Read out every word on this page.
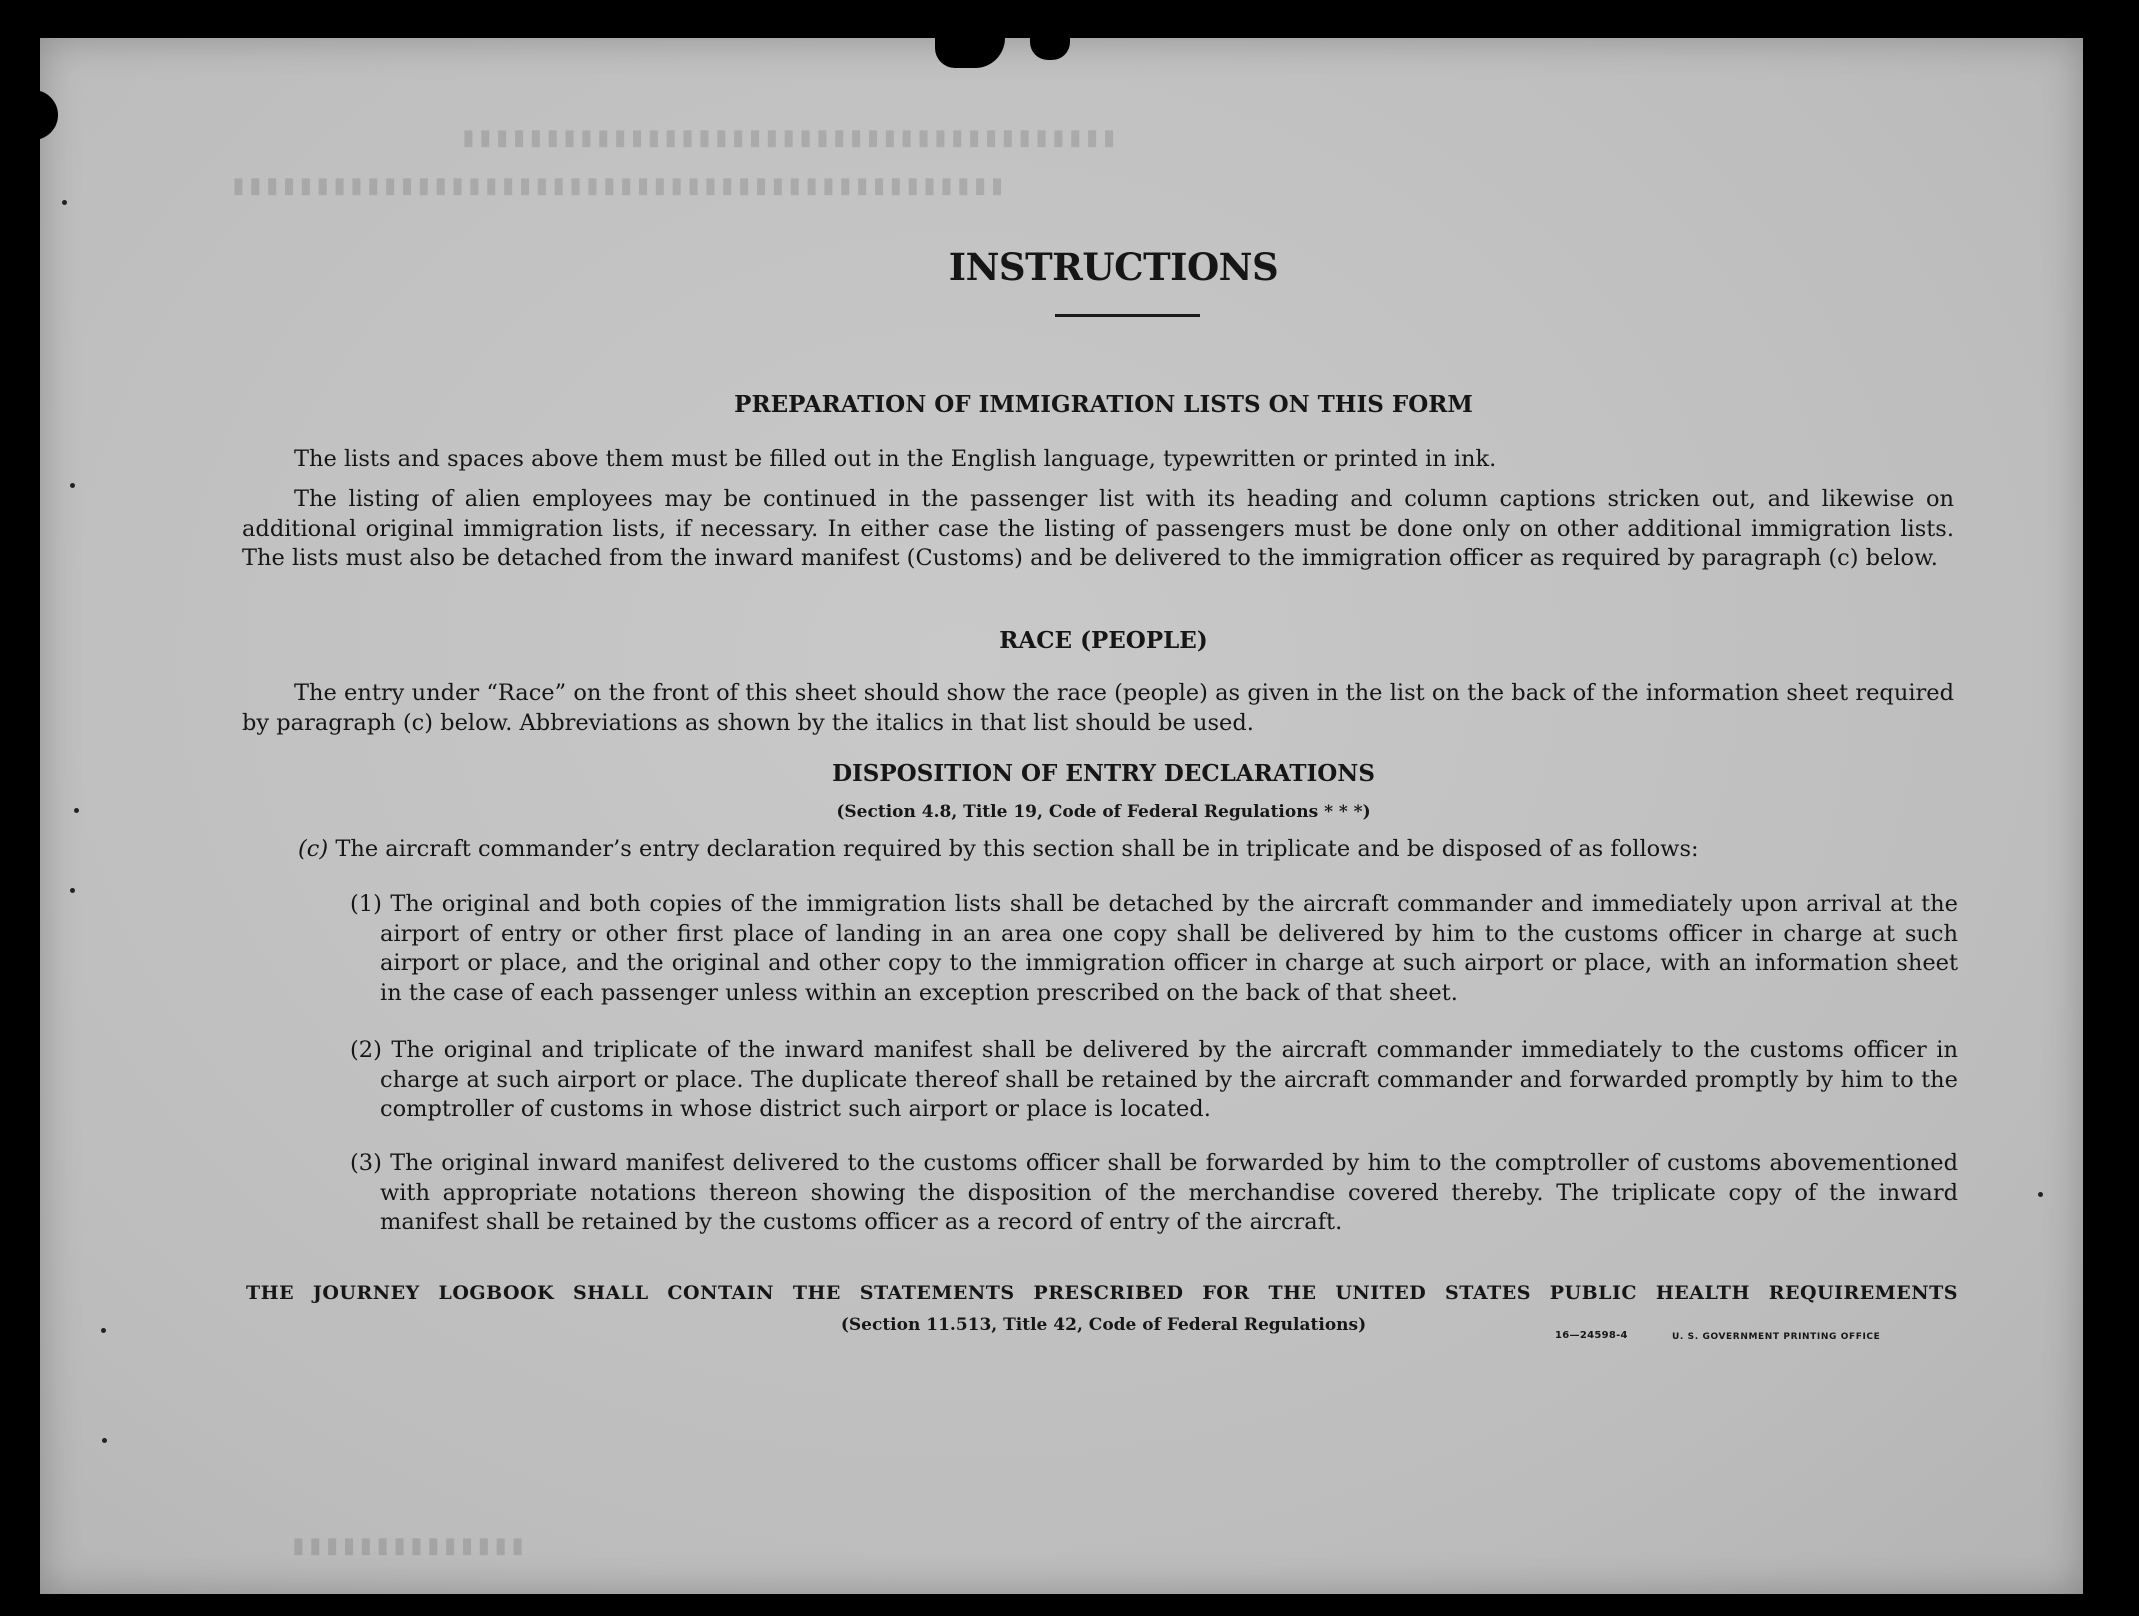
▮▮▮▮▮▮▮▮▮▮▮▮▮▮▮▮▮▮▮▮▮▮▮▮▮▮▮▮▮▮▮▮▮▮▮▮▮▮▮
▮▮▮▮▮▮▮▮▮▮▮▮▮▮▮▮▮▮▮▮▮▮▮▮▮▮▮▮▮▮▮▮▮▮▮▮▮▮▮▮▮▮▮▮▮▮
▮▮▮▮▮▮▮▮▮▮▮▮▮▮
INSTRUCTIONS
PREPARATION OF IMMIGRATION LISTS ON THIS FORM
The lists and spaces above them must be filled out in the English language, typewritten or printed in ink.
The listing of alien employees may be continued in the passenger list with its heading and column captions stricken out, and likewise on additional original immigration lists, if necessary. In either case the listing of passengers must be done only on other additional immigration lists. The lists must also be detached from the inward manifest (Customs) and be delivered to the immigration officer as required by paragraph (c) below.
RACE (PEOPLE)
The entry under “Race” on the front of this sheet should show the race (people) as given in the list on the back of the information sheet required by paragraph (c) below. Abbreviations as shown by the italics in that list should be used.
DISPOSITION OF ENTRY DECLARATIONS
(Section 4.8, Title 19, Code of Federal Regulations * * *)
(c) The aircraft commander’s entry declaration required by this section shall be in triplicate and be disposed of as follows:
(1) The original and both copies of the immigration lists shall be detached by the aircraft commander and immediately upon arrival at the airport of entry or other first place of landing in an area one copy shall be delivered by him to the customs officer in charge at such airport or place, and the original and other copy to the immigration officer in charge at such airport or place, with an information sheet in the case of each passenger unless within an exception prescribed on the back of that sheet.
(2) The original and triplicate of the inward manifest shall be delivered by the aircraft commander immediately to the customs officer in charge at such airport or place. The duplicate thereof shall be retained by the aircraft commander and forwarded promptly by him to the comptroller of customs in whose district such airport or place is located.
(3) The original inward manifest delivered to the customs officer shall be forwarded by him to the comptroller of customs abovementioned with appropriate notations thereon showing the disposition of the merchandise covered thereby. The triplicate copy of the inward manifest shall be retained by the customs officer as a record of entry of the aircraft.
THE JOURNEY LOGBOOK SHALL CONTAIN THE STATEMENTS PRESCRIBED FOR THE UNITED STATES PUBLIC HEALTH REQUIREMENTS
(Section 11.513, Title 42, Code of Federal Regulations)
16—24598-4	U. S. GOVERNMENT PRINTING OFFICE
